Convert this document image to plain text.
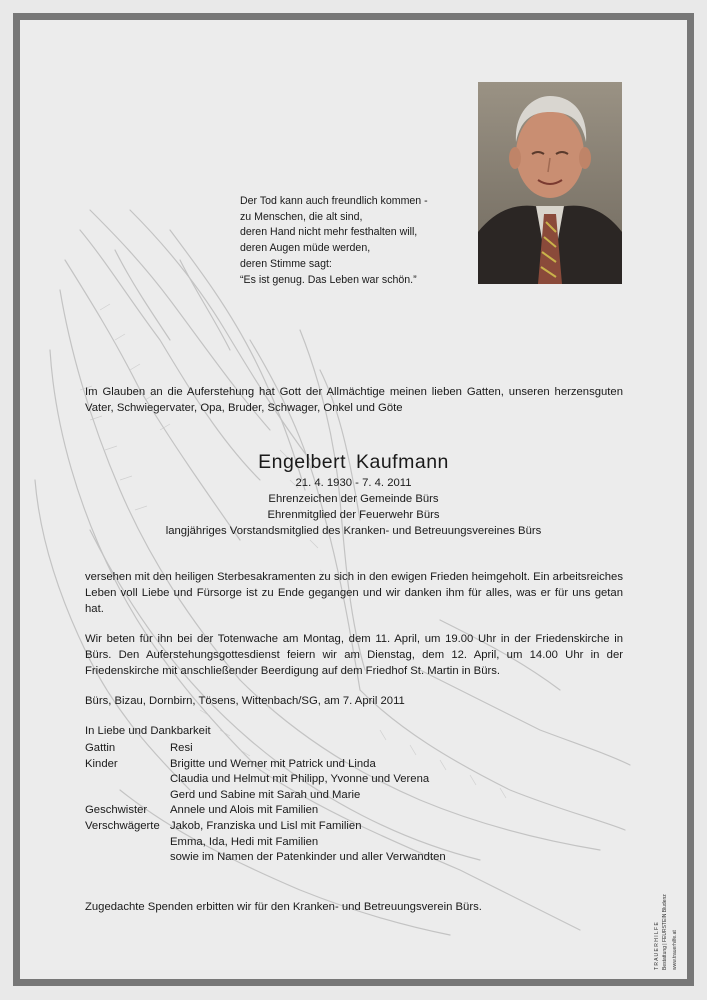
Der Tod kann auch freundlich kommen -
zu Menschen, die alt sind,
deren Hand nicht mehr festhalten will,
deren Augen müde werden,
deren Stimme sagt:
“Es ist genug. Das Leben war schön.”
Im Glauben an die Auferstehung hat Gott der Allmächtige meinen lieben Gatten, unseren herzensguten Vater, Schwiegervater, Opa, Bruder, Schwager, Onkel und Göte
Engelbert Kaufmann
21. 4. 1930 - 7. 4. 2011
Ehrenzeichen der Gemeinde Bürs
Ehrenmitglied der Feuerwehr Bürs
langjähriges Vorstandsmitglied des Kranken- und Betreuungsvereines Bürs

versehen mit den heiligen Sterbesakramenten zu sich in den ewigen Frieden heimgeholt. Ein arbeitsreiches Leben voll Liebe und Fürsorge ist zu Ende gegangen und wir danken ihm für alles, was er für uns getan hat.

Wir beten für ihn bei der Totenwache am Montag, dem 11. April, um 19.00 Uhr in der Friedenskirche in Bürs. Den Auferstehungsgottesdienst feiern wir am Dienstag, dem 12. April, um 14.00 Uhr in der Friedenskirche mit anschließender Beerdigung auf dem Friedhof St. Martin in Bürs.

Bürs, Bizau, Dornbirn, Tösens, Wittenbach/SG, am 7. April 2011

In Liebe und Dankbarkeit

Gattin	Resi
Kinder	Brigitte und Werner mit Patrick und Linda
Claudia und Helmut mit Philipp, Yvonne und Verena
Gerd und Sabine mit Sarah und Marie
Geschwister	Annele und Alois mit Familien
Verschwägerte Jakob, Franziska und Lisl mit Familien
Emma, Ida, Hedi mit Familien
sowie im Namen der Patenkinder und aller Verwandten
Zugedachte Spenden erbitten wir für den Kranken- und Betreuungsverein Bürs.
T R A U E R H I L F E Bestattung | FEURSTEIN Bludenz www.trauerhilfe.at
